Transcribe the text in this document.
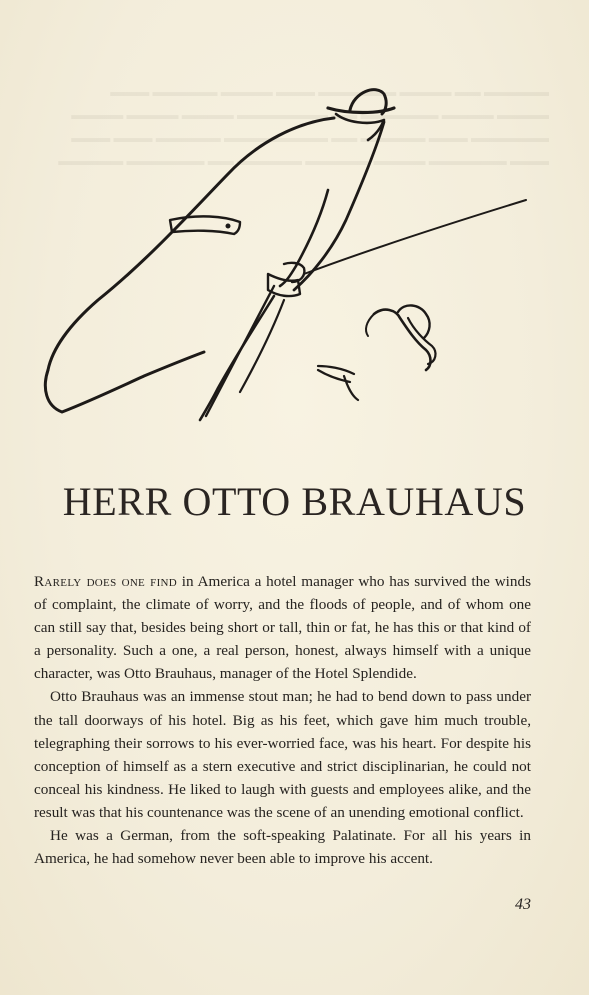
▬▬▬▬▬ ▬▬ ▬▬▬▬ ▬▬▬▬▬▬ ▬▬▬ ▬▬▬▬ ▬▬▬▬▬ ▬▬▬
▬▬▬▬ ▬▬▬▬ ▬▬▬▬▬▬ ▬▬ ▬▬▬▬▬▬▬ ▬▬▬▬ ▬▬▬▬ ▬▬▬▬
▬▬▬▬▬▬ ▬▬▬ ▬▬▬▬▬ ▬▬ ▬▬▬▬▬▬▬▬ ▬▬▬▬▬ ▬▬▬ ▬▬▬
▬▬▬ ▬▬▬▬▬▬ ▬▬▬▬ ▬▬▬▬▬ ▬▬▬▬▬ ▬▬ ▬▬▬▬▬▬ ▬▬▬▬▬
HERR OTTO BRAUHAUS

Rarely does one find in America a hotel manager who has survived the winds of complaint, the climate of worry, and the floods of people, and of whom one can still say that, besides being short or tall, thin or fat, he has this or that kind of a personality. Such a one, a real person, honest, always himself with a unique character, was Otto Brauhaus, manager of the Hotel Splendide.

Otto Brauhaus was an immense stout man; he had to bend down to pass under the tall doorways of his hotel. Big as his feet, which gave him much trouble, telegraphing their sorrows to his ever-worried face, was his heart. For despite his conception of himself as a stern executive and strict disciplinarian, he could not conceal his kindness. He liked to laugh with guests and employees alike, and the result was that his countenance was the scene of an unending emotional conflict.

He was a German, from the soft-speaking Palatinate. For all his years in America, he had somehow never been able to improve his accent.

43
